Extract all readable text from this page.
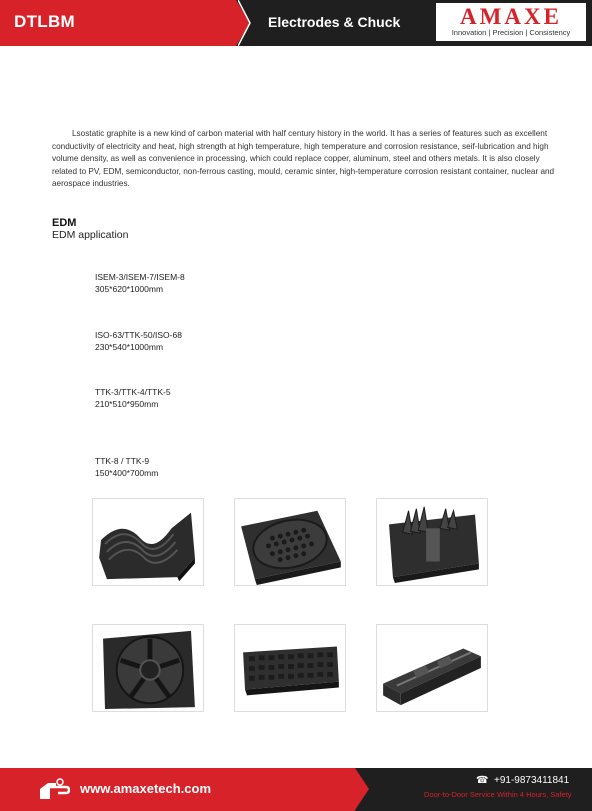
DTLBM	Electrodes & Chuck	AMAXE
Innovation | Precision | Consistency

Lsostatic graphite is a new kind of carbon material with half century history in the world. It has a series of features such as excellent conductivity of electricity and heat, high strength at high temperature, high temperature and corrosion resistance, seif-lubrication and high volume density, as well as convenience in processing, which could replace copper, aluminum, steel and others metals. It is also closely related to PV, EDM, semiconductor, non-ferrous casting, mould, ceramic sinter, high-temperature corrosion resistant container, nuclear and aerospace industries.

EDM
EDM application
ISEM-3/ISEM-7/ISEM-8
305*620*1000mm
ISO-63/TTK-50/ISO-68
230*540*1000mm
TTK-3/TTK-4/TTK-5
210*510*950mm
TTK-8 / TTK-9
150*400*700mm
www.amaxetech.com
☎ +91-9873411841
Door-to-Door Service Within 4 Hours, Safety
